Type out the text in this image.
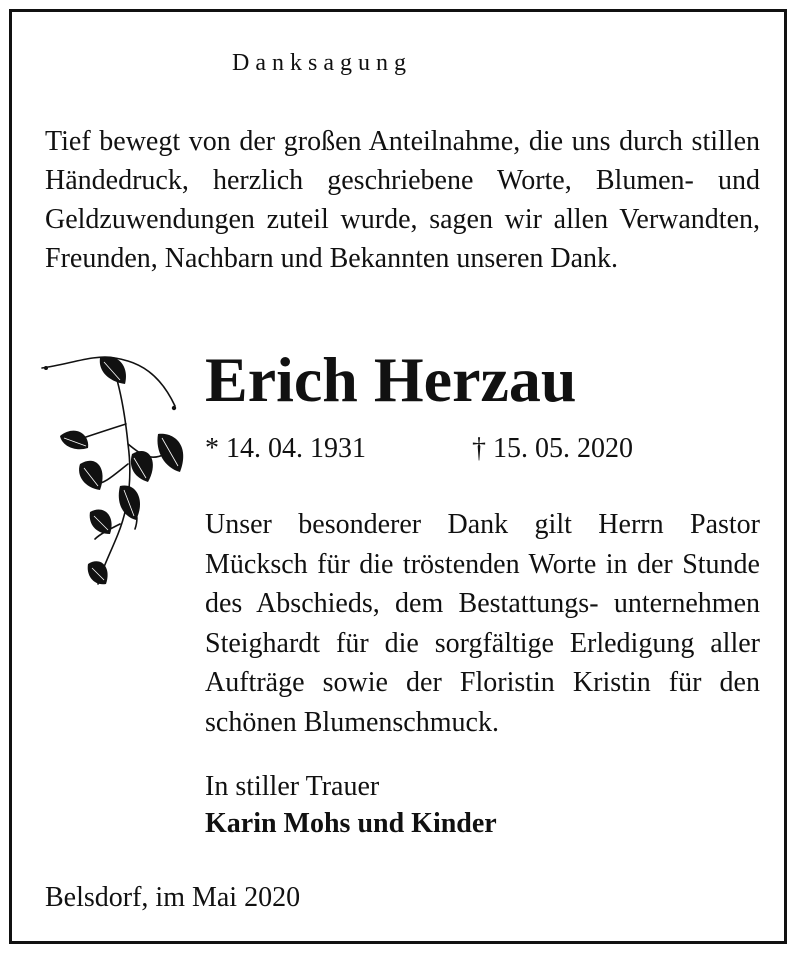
Danksagung
Tief bewegt von der großen Anteilnahme, die uns durch stillen Händedruck, herzlich geschriebene Worte, Blumen- und Geldzuwendungen zuteil wurde, sagen wir allen Verwandten, Freunden, Nachbarn und Bekannten unseren Dank.
Erich Herzau
* 14. 04. 1931	† 15. 05. 2020
Unser besonderer Dank gilt Herrn Pastor Mücksch für die tröstenden Worte in der Stunde des Abschieds, dem Bestattungs- unternehmen Steighardt für die sorgfältige Erledigung aller Aufträge sowie der Floristin Kristin für den schönen Blumenschmuck.
In stiller Trauer
Karin Mohs und Kinder
Belsdorf, im Mai 2020
